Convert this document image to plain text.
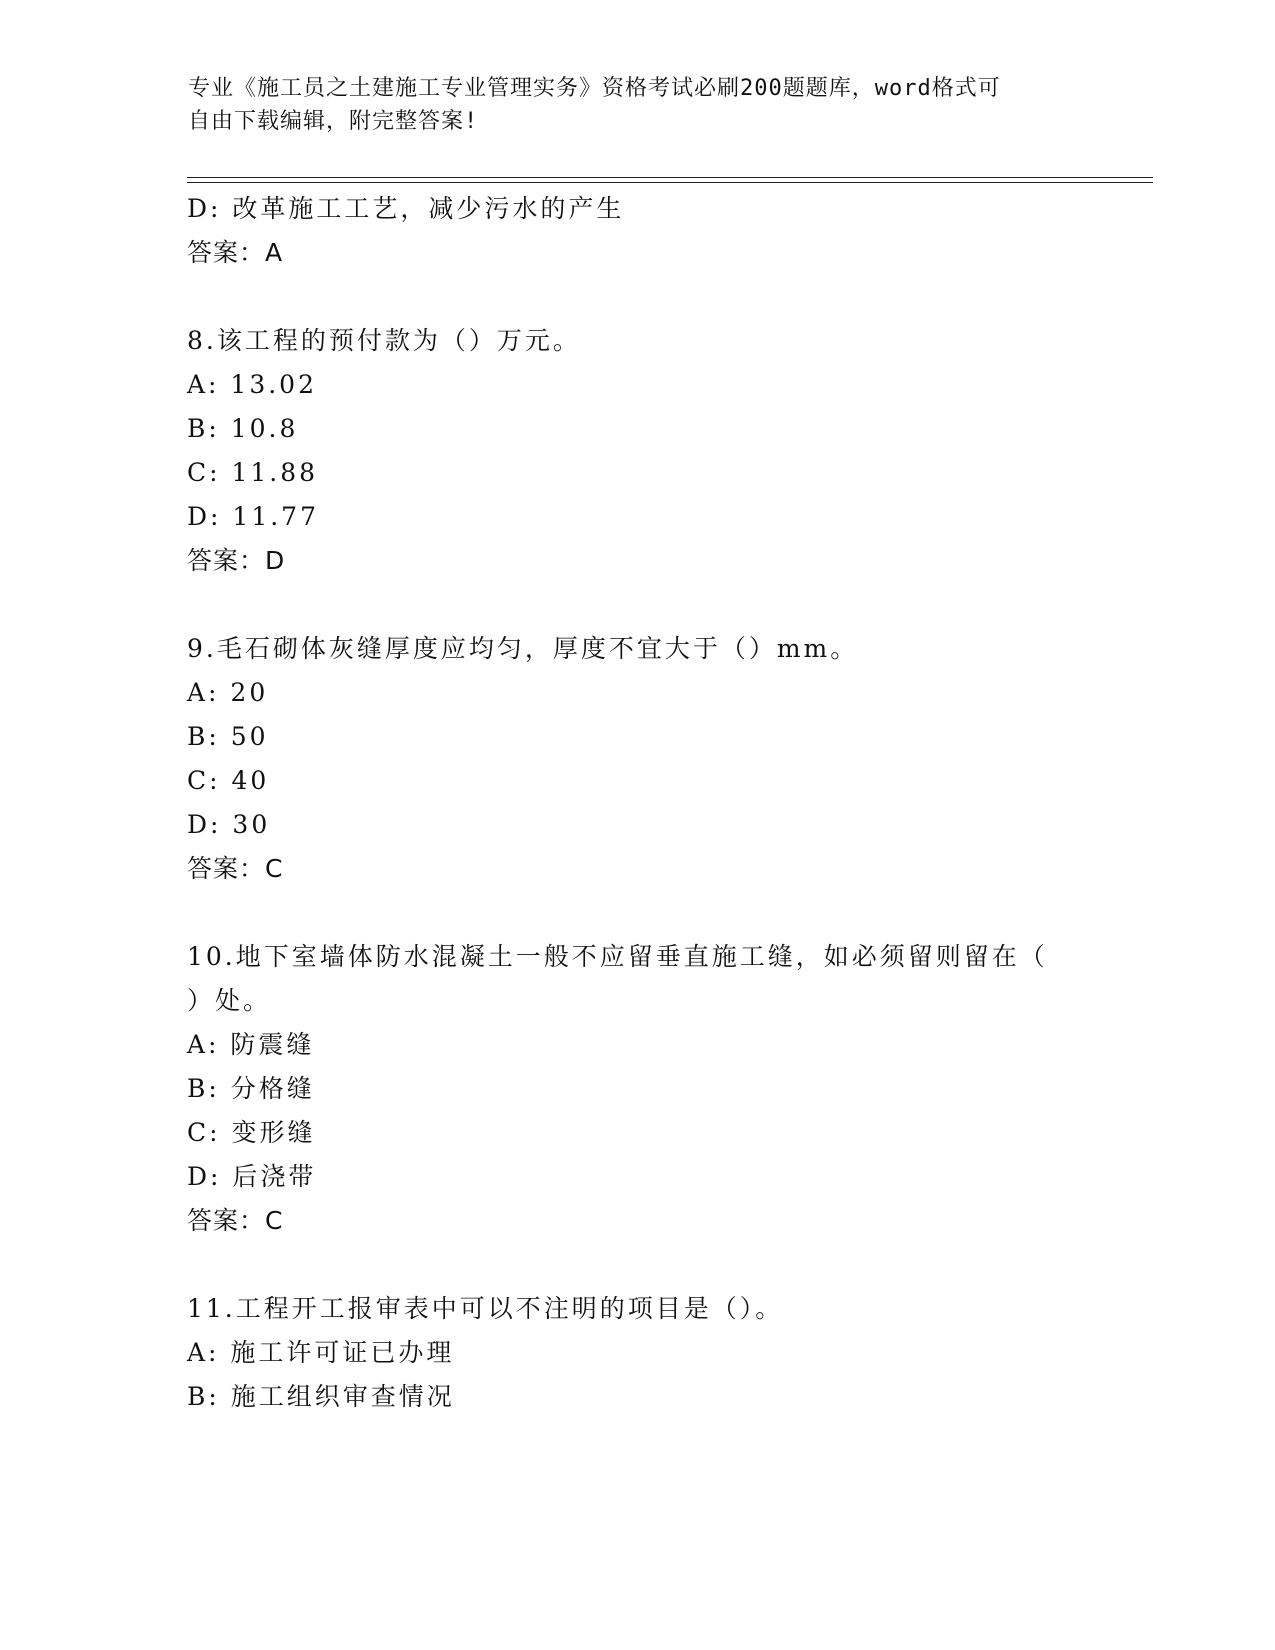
专业《施工员之土建施工专业管理实务》资格考试必刷200题题库，word格式可
自由下载编辑，附完整答案!
D: 改革施工工艺，减少污水的产生
答案：A
8.该工程的预付款为（）万元。
A: 13.02
B: 10.8
C: 11.88
D: 11.77
答案：D
9.毛石砌体灰缝厚度应均匀，厚度不宜大于（）mm。
A: 20
B: 50
C: 40
D: 30
答案：C
10.地下室墙体防水混凝土一般不应留垂直施工缝，如必须留则留在（
）处。
A: 防震缝
B: 分格缝
C: 变形缝
D: 后浇带
答案：C
11.工程开工报审表中可以不注明的项目是（）。
A: 施工许可证已办理
B: 施工组织审查情况
